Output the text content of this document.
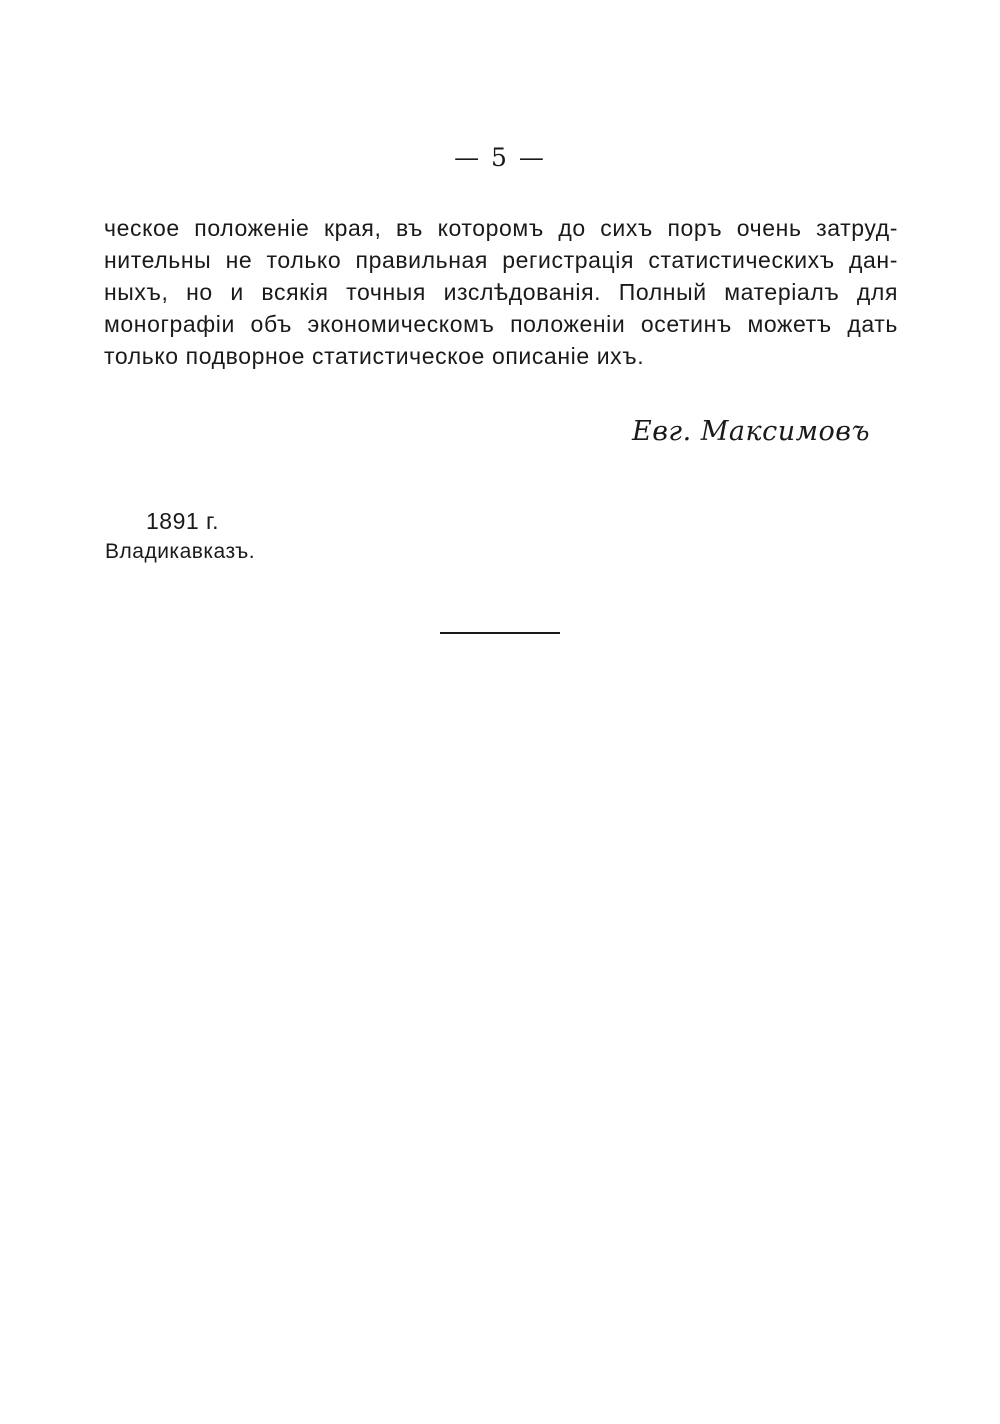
— 5 —
ческое положеніе края, въ которомъ до сихъ поръ очень затруд-
нительны не только правильная регистрація статистическихъ дан-
ныхъ, но и всякія точныя изслѣдованія. Полный матеріалъ для
монографіи объ экономическомъ положеніи осетинъ можетъ дать
только подворное статистическое описаніе ихъ.
Евг. Максимовъ
1891 г.
Владикавказъ.
